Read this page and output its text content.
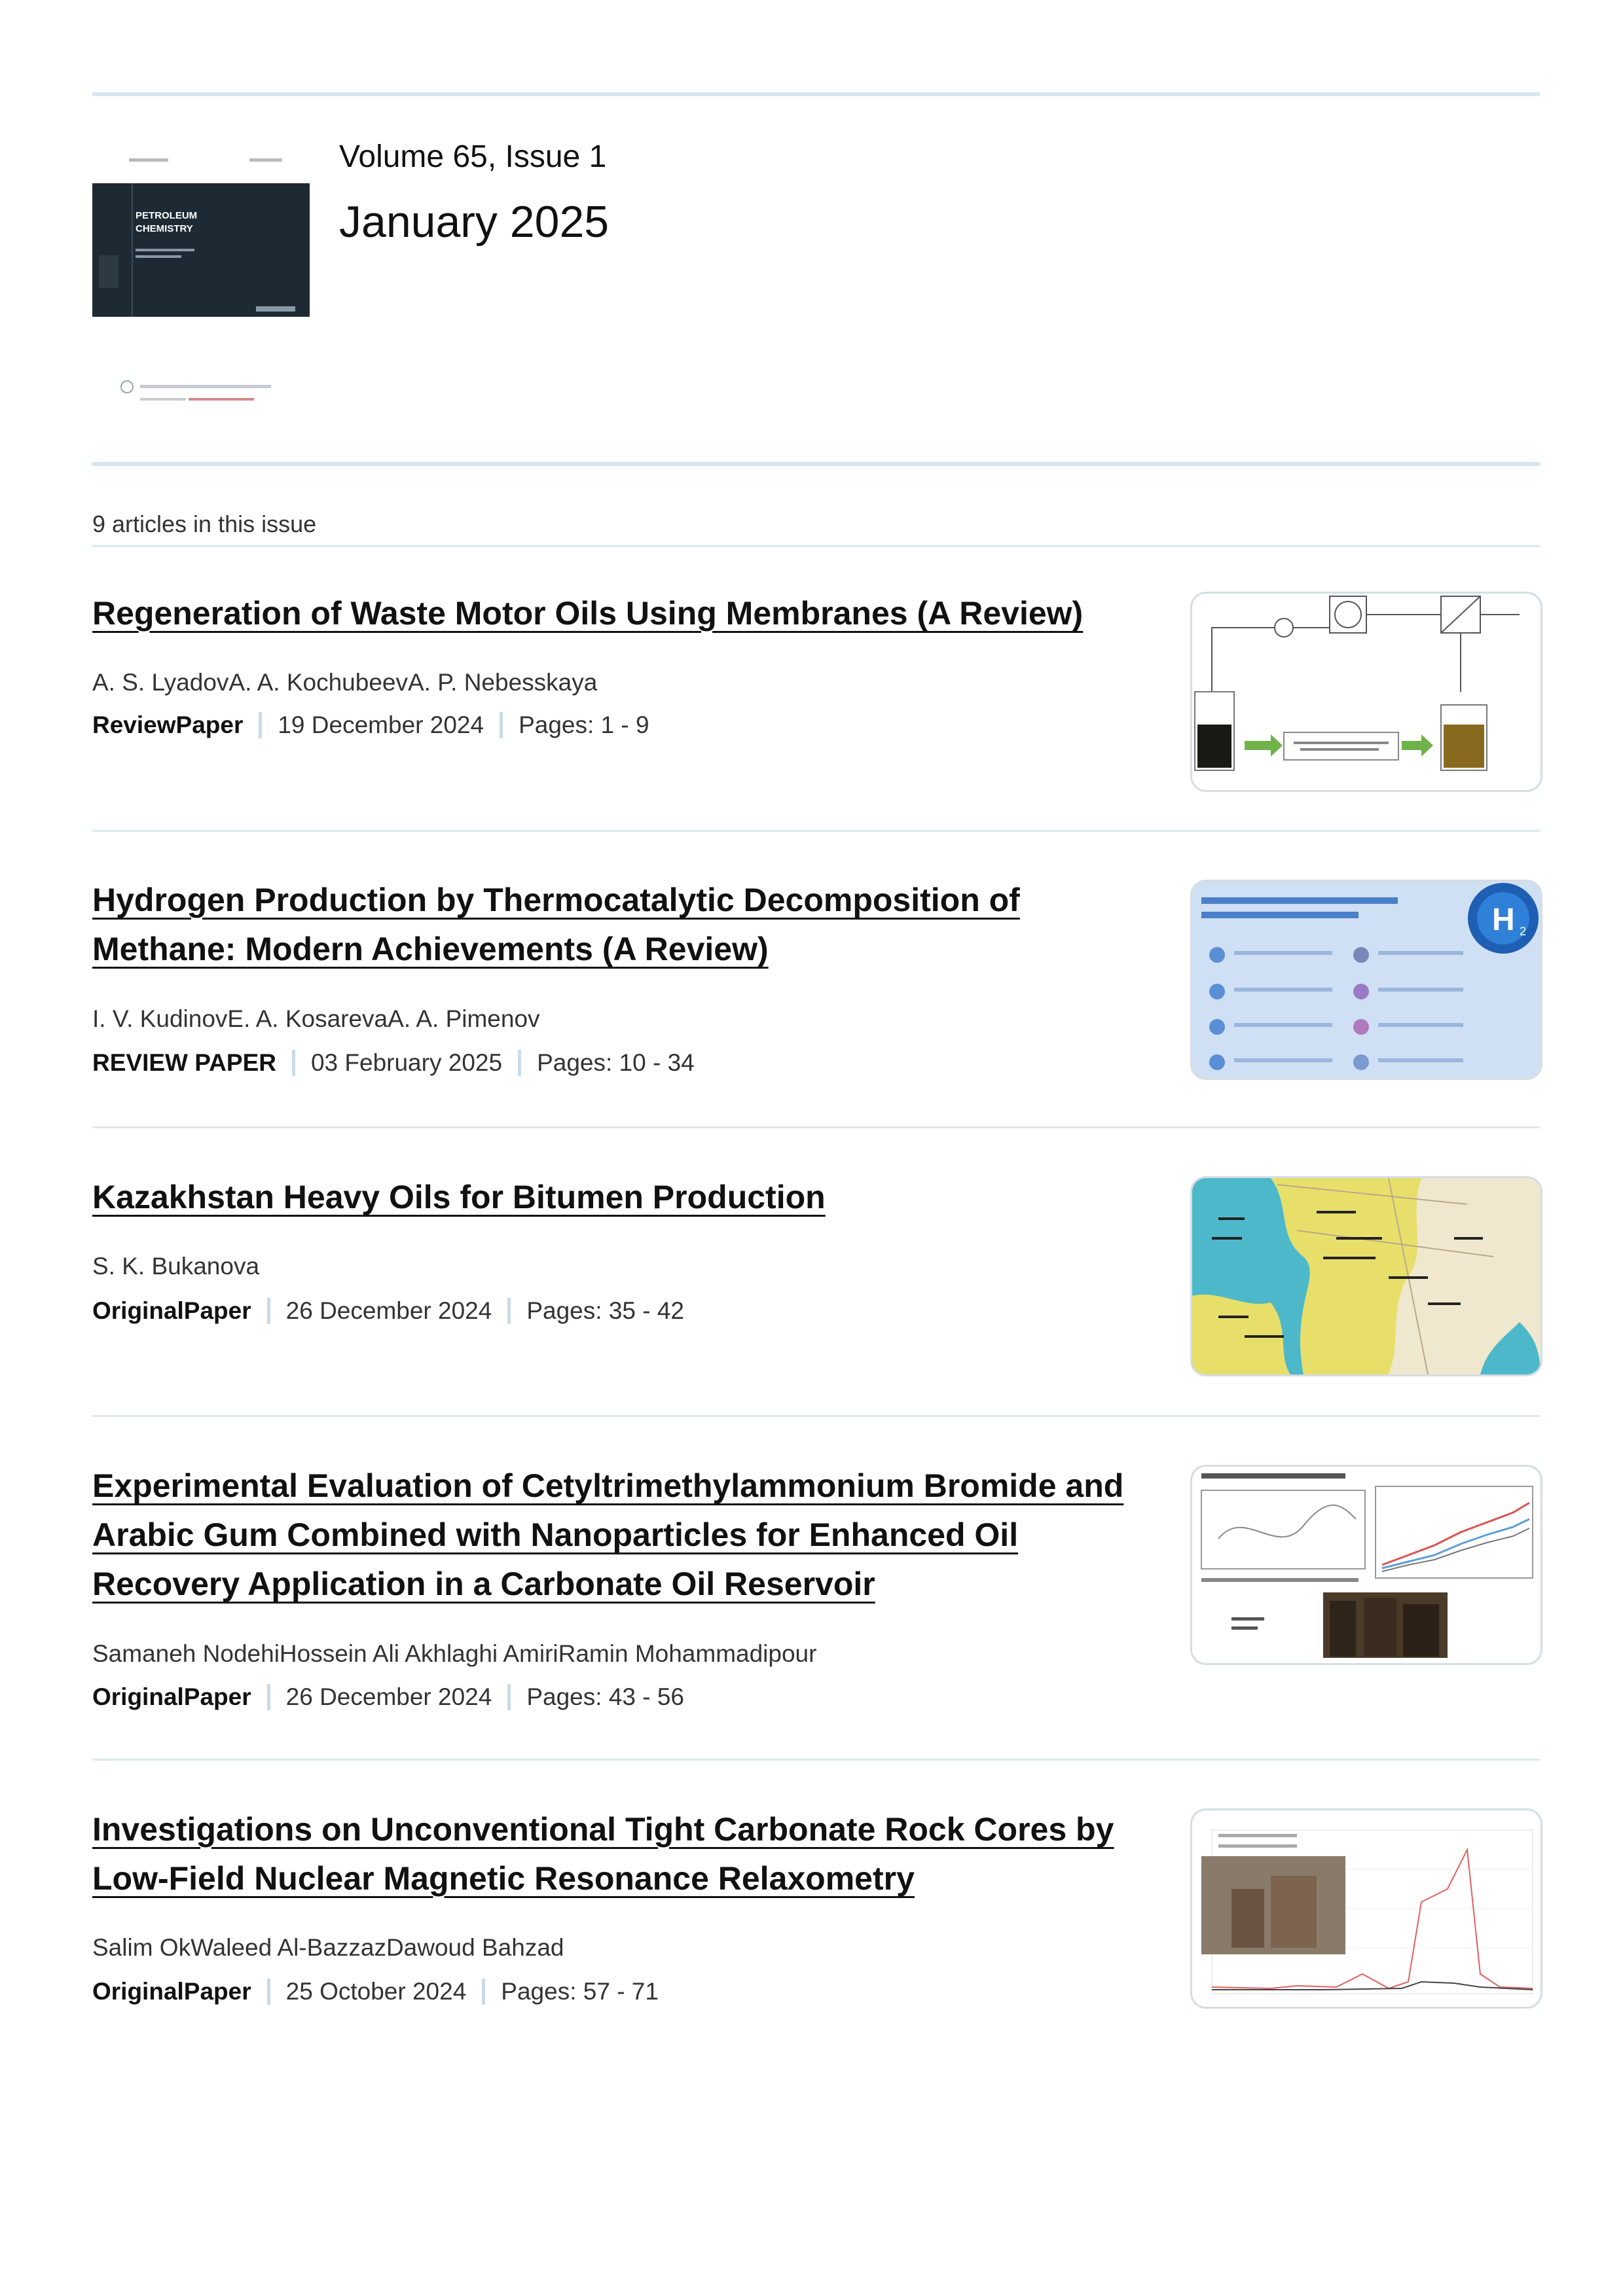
PETROLEUM
CHEMISTRY
Volume 65, Issue 1
January 2025
9 articles in this issue
Regeneration of Waste Motor Oils Using Membranes (A Review)
A. S. LyadovA. A. KochubeevA. P. Nebesskaya
ReviewPaper 19 December 2024 Pages: 1 - 9
Hydrogen Production by Thermocatalytic Decomposition of Methane: Modern Achievements (A Review)
I. V. KudinovE. A. KosarevaA. A. Pimenov
REVIEW PAPER 03 February 2025 Pages: 10 - 34
H 2
Kazakhstan Heavy Oils for Bitumen Production
S. K. Bukanova
OriginalPaper 26 December 2024 Pages: 35 - 42
Experimental Evaluation of Cetyltrimethylammonium Bromide and Arabic Gum Combined with Nanoparticles for Enhanced Oil Recovery Application in a Carbonate Oil Reservoir
Samaneh NodehiHossein Ali Akhlaghi AmiriRamin Mohammadipour
OriginalPaper 26 December 2024 Pages: 43 - 56
Investigations on Unconventional Tight Carbonate Rock Cores by Low-Field Nuclear Magnetic Resonance Relaxometry
Salim OkWaleed Al-BazzazDawoud Bahzad
OriginalPaper 25 October 2024 Pages: 57 - 71
